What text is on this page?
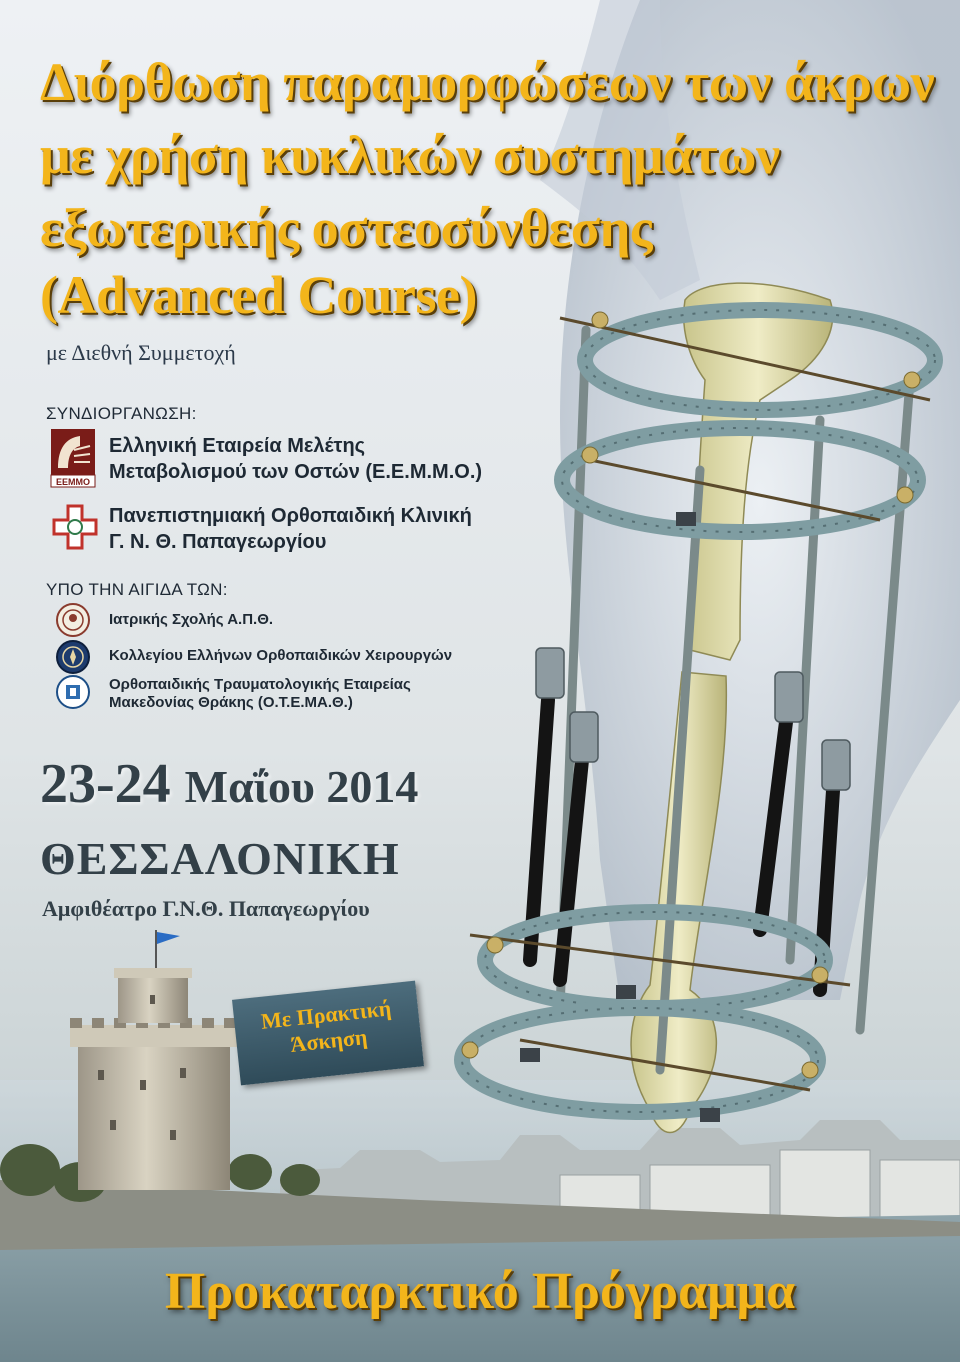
Διόρθωση παραμορφώσεων των άκρων
με χρήση κυκλικών συστημάτων
εξωτερικής οστεοσύνθεσης
(Advanced Course)
με Διεθνή Συμμετοχή
ΣΥΝΔΙΟΡΓΑΝΩΣΗ:
ΕΕΜΜΟ
Ελληνική Εταιρεία Μελέτης
Μεταβολισμού των Οστών (Ε.Ε.Μ.Μ.Ο.)
Πανεπιστημιακή Ορθοπαιδική Κλινική
Γ. Ν. Θ. Παπαγεωργίου
ΥΠΟ ΤΗΝ ΑΙΓΙΔΑ ΤΩΝ:
Ιατρικής Σχολής Α.Π.Θ.
Κολλεγίου Ελλήνων Ορθοπαιδικών Χειρουργών
Ορθοπαιδικής Τραυματολογικής Εταιρείας
Μακεδονίας Θράκης (Ο.Τ.Ε.ΜΑ.Θ.)
23-24 Μαΐου 2014
ΘΕΣΣΑΛΟΝΙΚΗ
Αμφιθέατρο Γ.Ν.Θ. Παπαγεωργίου
Με Πρακτική
Άσκηση
Προκαταρκτικό Πρόγραμμα
